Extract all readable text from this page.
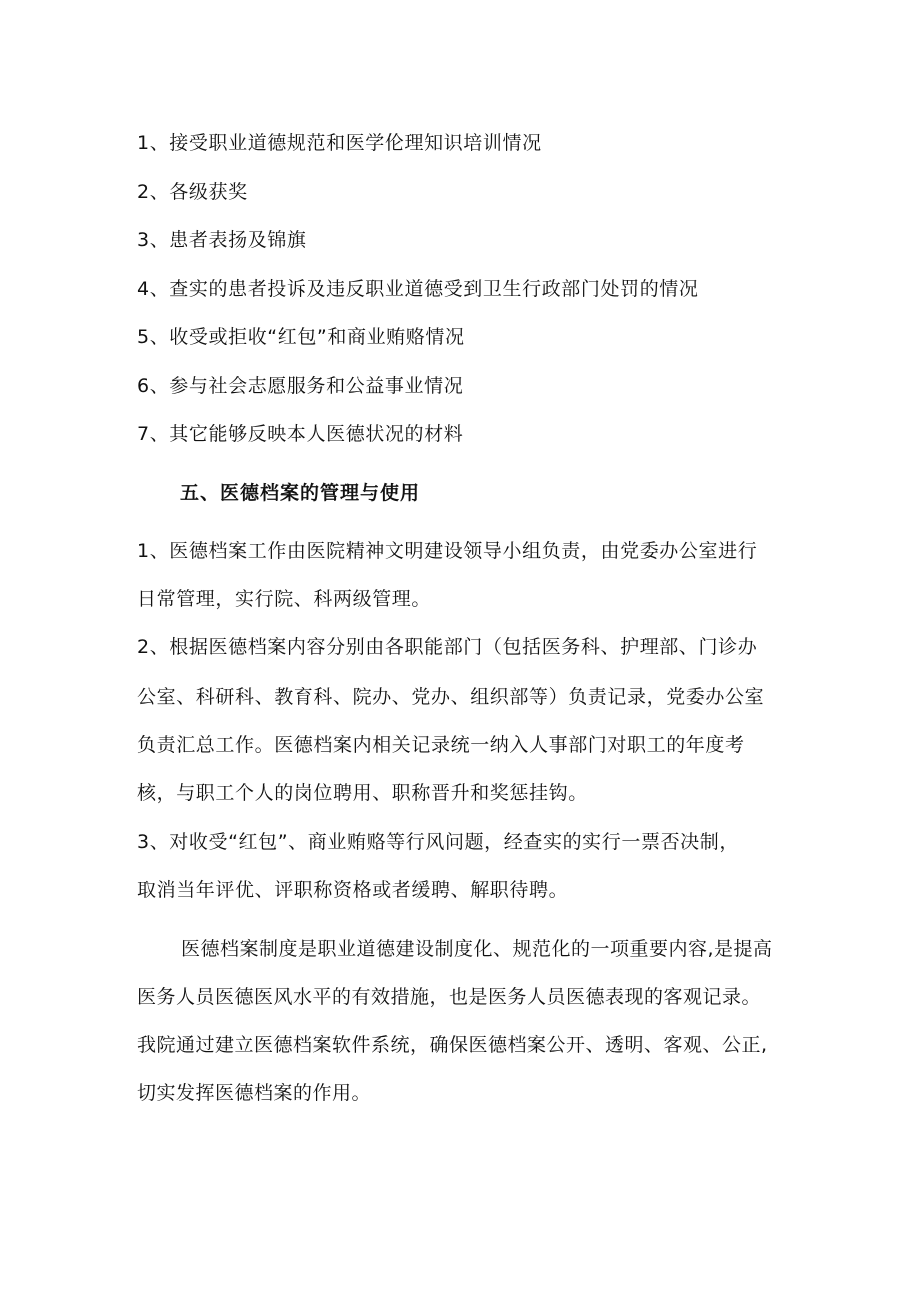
1、接受职业道德规范和医学伦理知识培训情况
2、各级获奖
3、患者表扬及锦旗
4、查实的患者投诉及违反职业道德受到卫生行政部门处罚的情况
5、收受或拒收“红包”和商业贿赂情况
6、参与社会志愿服务和公益事业情况
7、其它能够反映本人医德状况的材料
五、医德档案的管理与使用
1、医德档案工作由医院精神文明建设领导小组负责，由党委办公室进行
日常管理，实行院、科两级管理。
2、根据医德档案内容分别由各职能部门（包括医务科、护理部、门诊办
公室、科研科、教育科、院办、党办、组织部等）负责记录，党委办公室
负责汇总工作。医德档案内相关记录统一纳入人事部门对职工的年度考
核，与职工个人的岗位聘用、职称晋升和奖惩挂钩。
3、对收受“红包”、商业贿赂等行风问题，经查实的实行一票否决制，
取消当年评优、评职称资格或者缓聘、解职待聘。
医德档案制度是职业道德建设制度化、规范化的一项重要内容,是提高
医务人员医德医风水平的有效措施，也是医务人员医德表现的客观记录。
我院通过建立医德档案软件系统，确保医德档案公开、透明、客观、公正,
切实发挥医德档案的作用。
